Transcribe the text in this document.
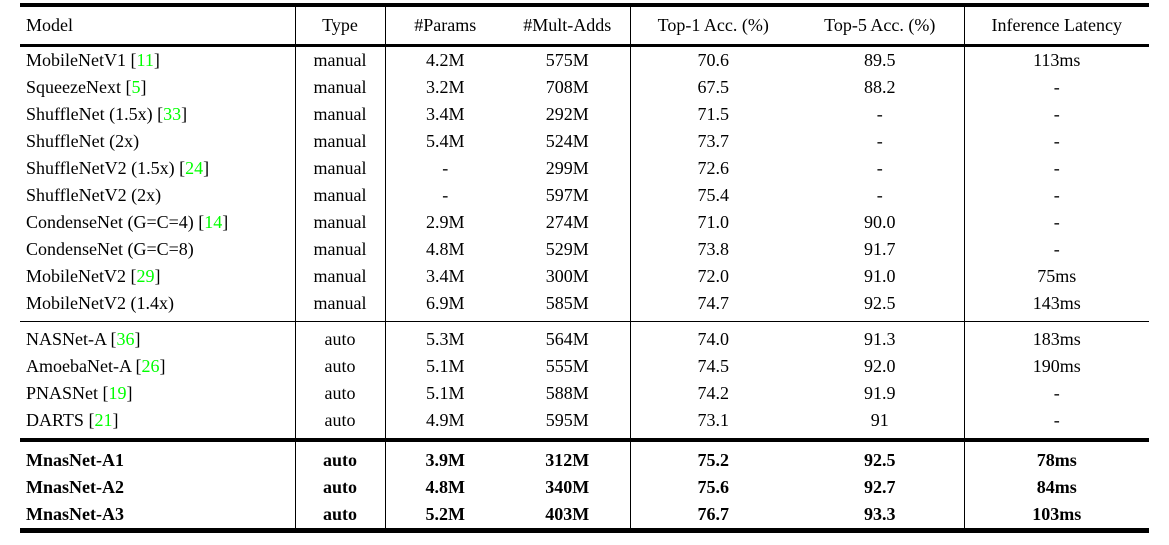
Model	Type	#Params	#Mult-Adds	Top-1 Acc. (%)	Top-5 Acc. (%)	Inference Latency
MobileNetV1 [11]	manual	4.2M	575M	70.6	89.5	113ms
SqueezeNext [5]	manual	3.2M	708M	67.5	88.2	-
ShuffleNet (1.5x) [33]	manual	3.4M	292M	71.5	-	-
ShuffleNet (2x)	manual	5.4M	524M	73.7	-	-
ShuffleNetV2 (1.5x) [24]	manual	-	299M	72.6	-	-
ShuffleNetV2 (2x)	manual	-	597M	75.4	-	-
CondenseNet (G=C=4) [14]	manual	2.9M	274M	71.0	90.0	-
CondenseNet (G=C=8)	manual	4.8M	529M	73.8	91.7	-
MobileNetV2 [29]	manual	3.4M	300M	72.0	91.0	75ms
MobileNetV2 (1.4x)	manual	6.9M	585M	74.7	92.5	143ms
NASNet-A [36]	auto	5.3M	564M	74.0	91.3	183ms
AmoebaNet-A [26]	auto	5.1M	555M	74.5	92.0	190ms
PNASNet [19]	auto	5.1M	588M	74.2	91.9	-
DARTS [21]	auto	4.9M	595M	73.1	91	-
MnasNet-A1	auto	3.9M	312M	75.2	92.5	78ms
MnasNet-A2	auto	4.8M	340M	75.6	92.7	84ms
MnasNet-A3	auto	5.2M	403M	76.7	93.3	103ms
